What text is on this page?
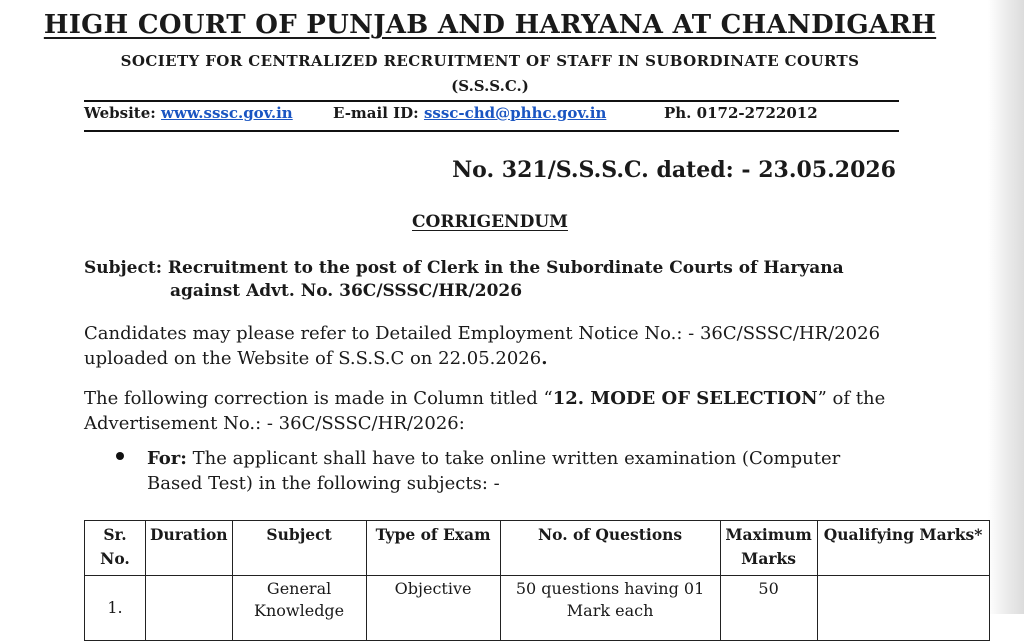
HIGH COURT OF PUNJAB AND HARYANA AT CHANDIGARH
SOCIETY FOR CENTRALIZED RECRUITMENT OF STAFF IN SUBORDINATE COURTS
(S.S.S.C.)
Website: www.sssc.gov.in	E-mail ID: sssc-chd@phhc.gov.in	Ph. 0172-2722012
No. 321/S.S.S.C. dated: - 23.05.2026
CORRIGENDUM
Subject: Recruitment to the post of Clerk in the Subordinate Courts of Haryana
against Advt. No. 36C/SSSC/HR/2026
Candidates may please refer to Detailed Employment Notice No.: - 36C/SSSC/HR/2026 uploaded on the Website of S.S.S.C on 22.05.2026.
The following correction is made in Column titled “12. MODE OF SELECTION” of the Advertisement No.: - 36C/SSSC/HR/2026:
For: The applicant shall have to take online written examination (Computer Based Test) in the following subjects: -
Sr. No.	Duration	Subject	Type of Exam	No. of Questions	Maximum Marks	Qualifying Marks*
1.		General Knowledge	Objective	50 questions having 01 Mark each	50	
